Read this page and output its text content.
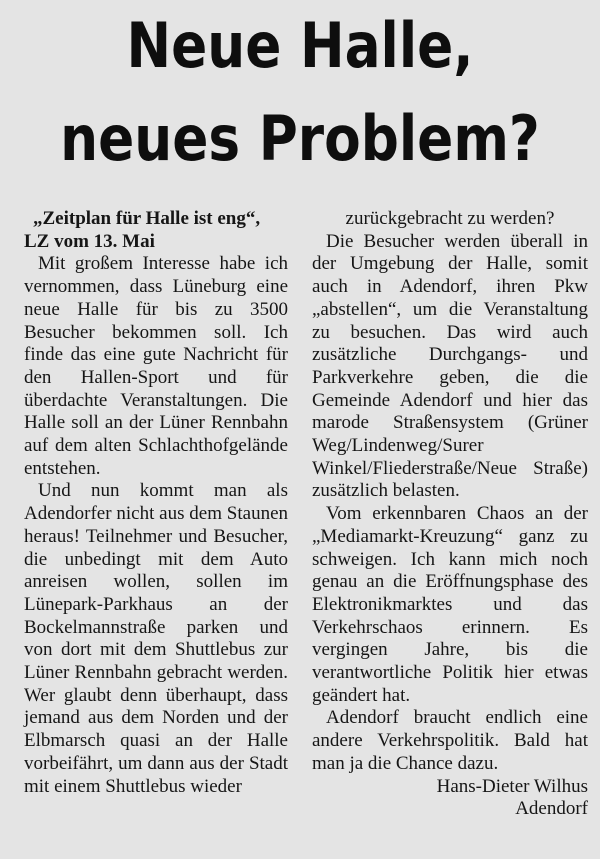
Neue Halle,
neues Problem?
„Zeitplan für Halle ist eng“,
LZ vom 13. Mai

Mit großem Interesse habe ich vernommen, dass Lüneburg eine neue Halle für bis zu 3500 Besucher bekommen soll. Ich finde das eine gute Nachricht für den Hallen-Sport und für überdachte Veranstaltungen. Die Halle soll an der Lüner Rennbahn auf dem alten Schlachthofgelände entstehen.

Und nun kommt man als Adendorfer nicht aus dem Staunen heraus! Teilnehmer und Besucher, die unbedingt mit dem Auto anreisen wollen, sollen im Lünepark-Parkhaus an der Bockelmannstraße parken und von dort mit dem Shuttlebus zur Lüner Rennbahn gebracht werden. Wer glaubt denn überhaupt, dass jemand aus dem Norden und der Elbmarsch quasi an der Halle vorbeifährt, um dann aus der Stadt mit einem Shuttlebus wieder

zurückgebracht zu werden?

Die Besucher werden überall in der Umgebung der Halle, somit auch in Adendorf, ihren Pkw „abstellen“, um die Veranstaltung zu besuchen. Das wird auch zusätzliche Durchgangs- und Parkverkehre geben, die die Gemeinde Adendorf und hier das marode Straßensystem (Grüner Weg/Lindenweg/Surer Winkel/Fliederstraße/Neue Straße) zusätzlich belasten.

Vom erkennbaren Chaos an der „Mediamarkt-Kreuzung“ ganz zu schweigen. Ich kann mich noch genau an die Eröffnungsphase des Elektronikmarktes und das Verkehrschaos erinnern. Es vergingen Jahre, bis die verantwortliche Politik hier etwas geändert hat.

Adendorf braucht endlich eine andere Verkehrspolitik. Bald hat man ja die Chance dazu.

Hans-Dieter Wilhus
Adendorf
